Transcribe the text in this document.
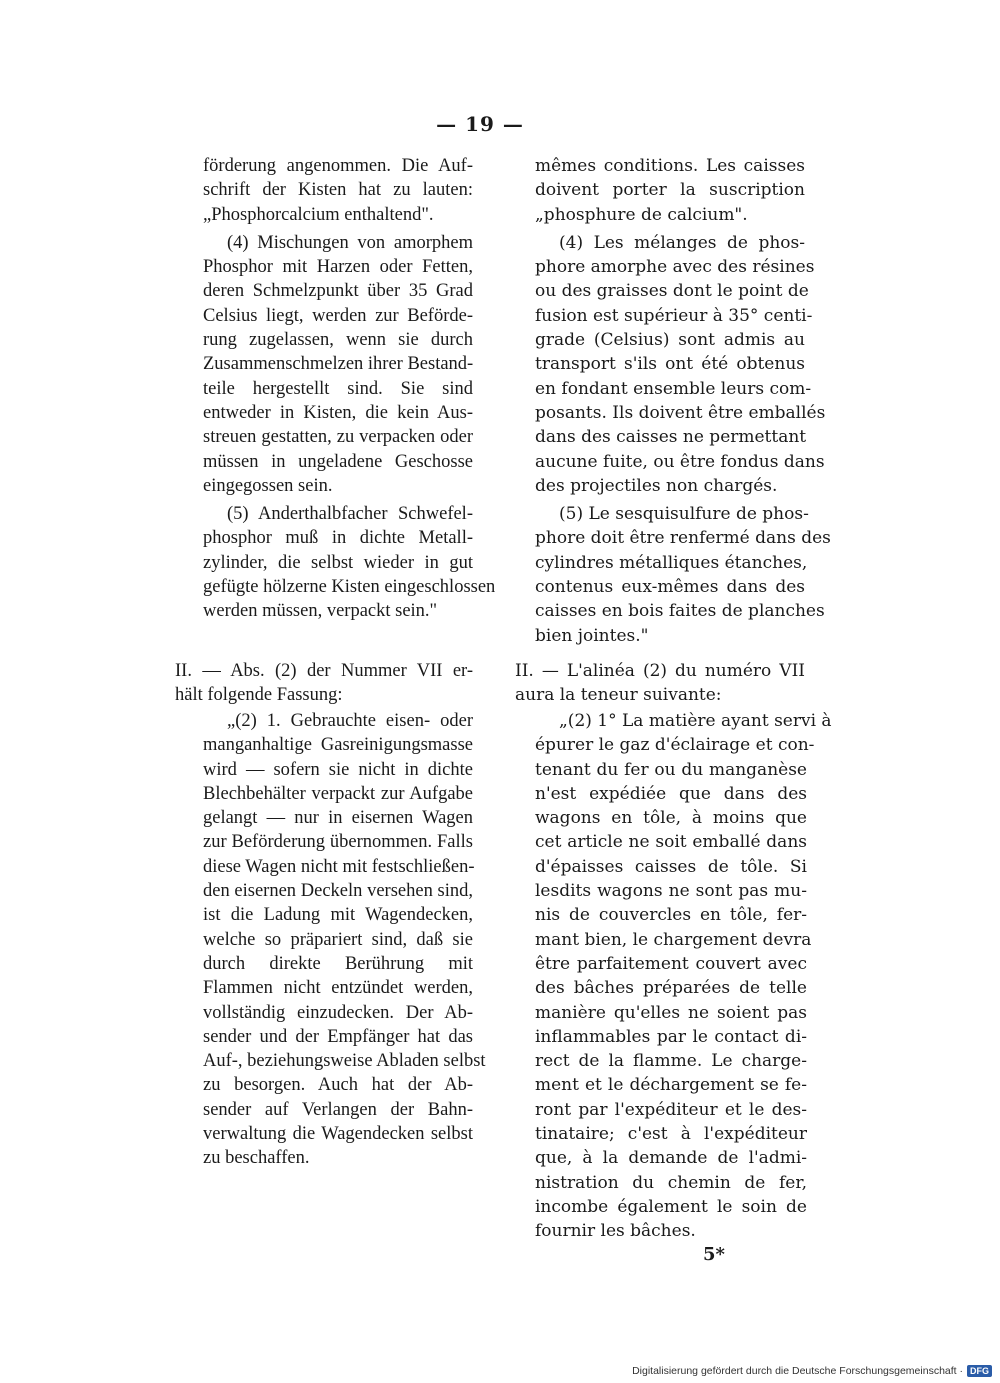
— 19 —
förderung angenommen. Die Auf-
schrift der Kisten hat zu lauten:
„Phosphorcalcium enthaltend".
(4) Mischungen von amorphem
Phosphor mit Harzen oder Fetten,
deren Schmelzpunkt über 35 Grad
Celsius liegt, werden zur Beförde-
rung zugelassen, wenn sie durch
Zusammenschmelzen ihrer Bestand-
teile hergestellt sind. Sie sind
entweder in Kisten, die kein Aus-
streuen gestatten, zu verpacken oder
müssen in ungeladene Geschosse
eingegossen sein.
(5) Anderthalbfacher Schwefel-
phosphor muß in dichte Metall-
zylinder, die selbst wieder in gut
gefügte hölzerne Kisten eingeschlossen
werden müssen, verpackt sein."
II. — Abs. (2) der Nummer VII er-
hält folgende Fassung:
„(2) 1. Gebrauchte eisen- oder
manganhaltige Gasreinigungsmasse
wird — sofern sie nicht in dichte
Blechbehälter verpackt zur Aufgabe
gelangt — nur in eisernen Wagen
zur Beförderung übernommen. Falls
diese Wagen nicht mit festschließen-
den eisernen Deckeln versehen sind,
ist die Ladung mit Wagendecken,
welche so präpariert sind, daß sie
durch direkte Berührung mit
Flammen nicht entzündet werden,
vollständig einzudecken. Der Ab-
sender und der Empfänger hat das
Auf-, beziehungsweise Abladen selbst
zu besorgen. Auch hat der Ab-
sender auf Verlangen der Bahn-
verwaltung die Wagendecken selbst
zu beschaffen.
mêmes conditions. Les caisses
doivent porter la suscription
„phosphure de calcium".
(4) Les mélanges de phos-
phore amorphe avec des résines
ou des graisses dont le point de
fusion est supérieur à 35° centi-
grade (Celsius) sont admis au
transport s'ils ont été obtenus
en fondant ensemble leurs com-
posants. Ils doivent être emballés
dans des caisses ne permettant
aucune fuite, ou être fondus dans
des projectiles non chargés.
(5) Le sesquisulfure de phos-
phore doit être renfermé dans des
cylindres métalliques étanches,
contenus eux-mêmes dans des
caisses en bois faites de planches
bien jointes."
II. — L'alinéa (2) du numéro VII
aura la teneur suivante:
„(2) 1° La matière ayant servi à
épurer le gaz d'éclairage et con-
tenant du fer ou du manganèse
n'est expédiée que dans des
wagons en tôle, à moins que
cet article ne soit emballé dans
d'épaisses caisses de tôle. Si
lesdits wagons ne sont pas mu-
nis de couvercles en tôle, fer-
mant bien, le chargement devra
être parfaitement couvert avec
des bâches préparées de telle
manière qu'elles ne soient pas
inflammables par le contact di-
rect de la flamme. Le charge-
ment et le déchargement se fe-
ront par l'expéditeur et le des-
tinataire; c'est à l'expéditeur
que, à la demande de l'admi-
nistration du chemin de fer,
incombe également le soin de
fournir les bâches.
5*
Digitalisierung gefördert durch die Deutsche Forschungsgemeinschaft · DFG
